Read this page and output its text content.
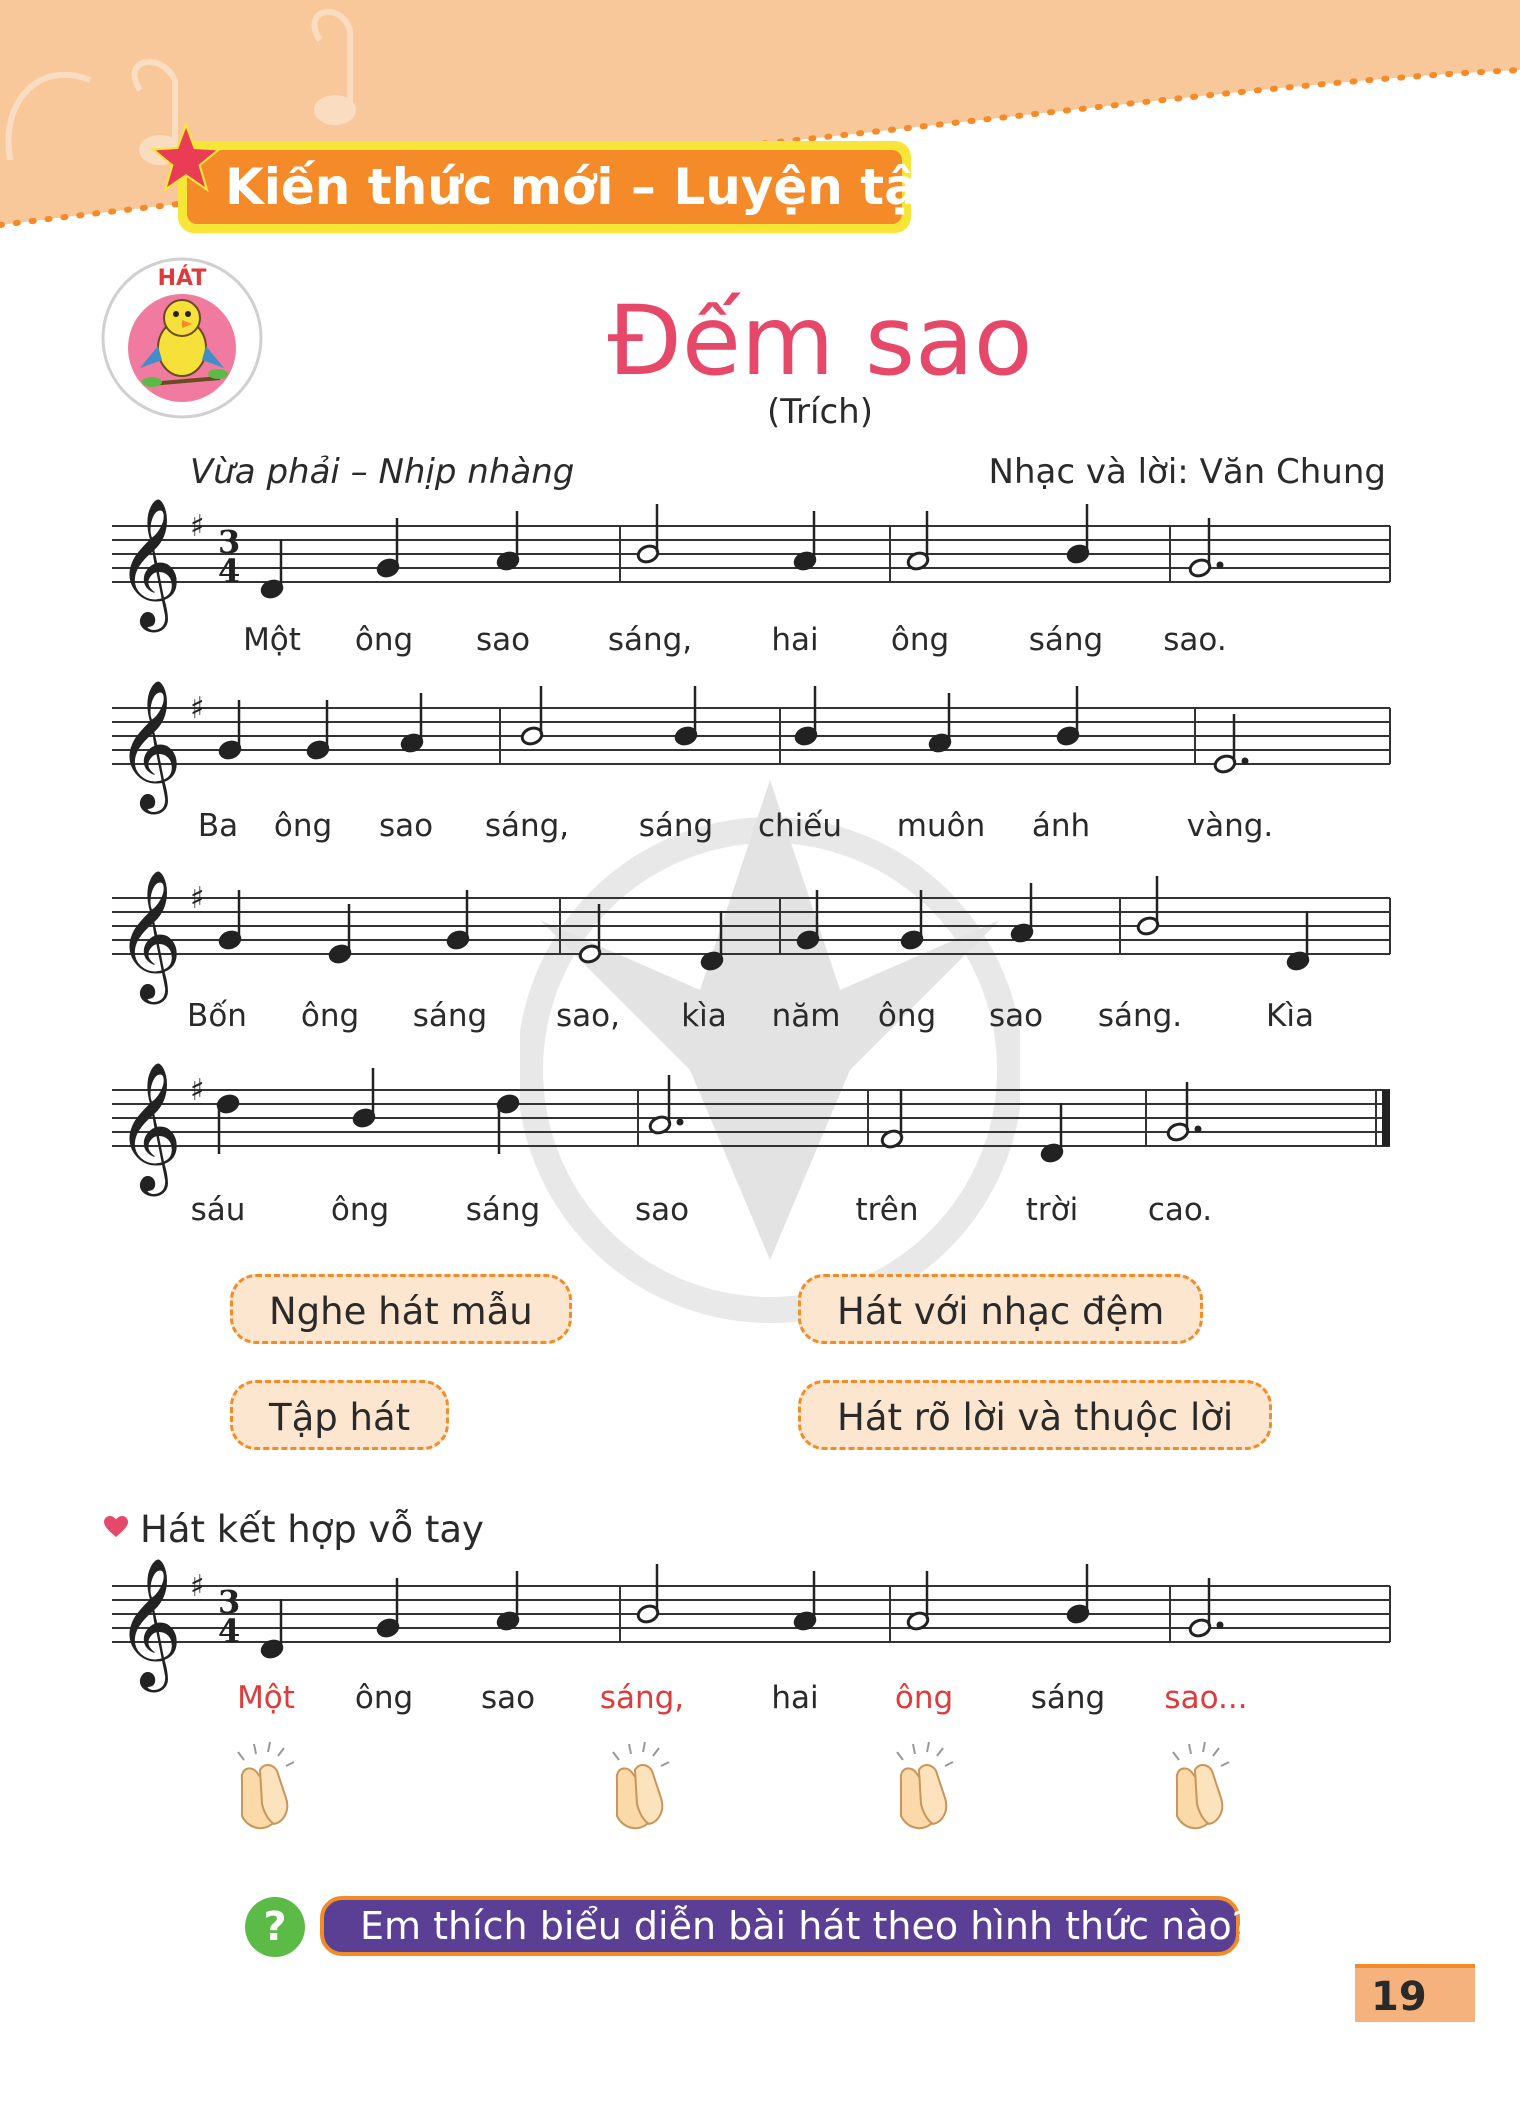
Kiến thức mới – Luyện tập
HÁT
Đếm sao
(Trích)
Vừa phải – Nhịp nhàng	Nhạc và lời: Văn Chung
𝄞 ♯ 3
4
𝄞 ♯
𝄞 ♯
𝄞 ♯
𝄞 ♯ 3
4
Một ông sao	sáng,	hai ông	sáng sao.
Ba ông sao sáng, sáng chiếu muôn ánh	vàng.
Bốn ông sáng sao, kìa năm ông sao sáng.	Kìa
sáu	ông sáng	sao	trên	trời cao.
Nghe hát mẫu	Hát với nhạc đệm
Tập hát	Hát rõ lời và thuộc lời
Hát kết hợp vỗ tay
Một ông sao sáng,	hai ông	sáng sao...
?	Em thích biểu diễn bài hát theo hình thức nào?
19
